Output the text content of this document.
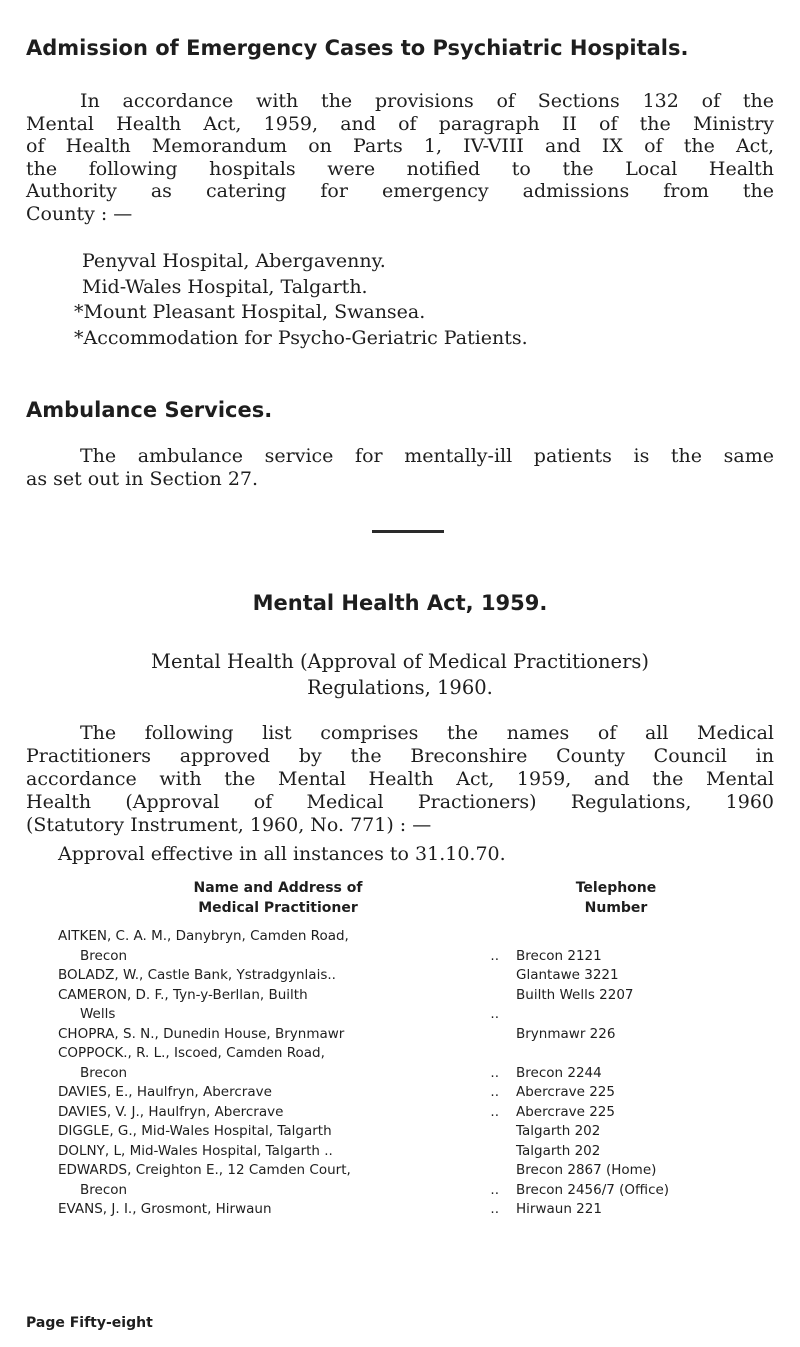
Admission of Emergency Cases to Psychiatric Hospitals.
In accordance with the provisions of Sections 132 of the
Mental Health Act, 1959, and of paragraph II of the Ministry
of Health Memorandum on Parts 1, IV-VIII and IX of the Act,
the following hospitals were notified to the Local Health
Authority as catering for emergency admissions from the
County : —

Penyval Hospital, Abergavenny.

Mid-Wales Hospital, Talgarth.

*Mount Pleasant Hospital, Swansea.

*Accommodation for Psycho-Geriatric Patients.

Ambulance Services.
The ambulance service for mentally-ill patients is the same
as set out in Section 27.
Mental Health Act, 1959.

Mental Health (Approval of Medical Practitioners)

Regulations, 1960.

The following list comprises the names of all Medical
Practitioners approved by the Breconshire County Council in
accordance with the Mental Health Act, 1959, and the Mental
Health (Approval of Medical Practioners) Regulations, 1960
(Statutory Instrument, 1960, No. 771) : —

Approval effective in all instances to 31.10.70.

Name and Address of
Medical Practitioner
Telephone
Number
AITKEN, C. A. M., Danybryn, Camden Road,
Brecon	.. Brecon 2121
BOLADZ, W., Castle Bank, Ystradgynlais..	Glantawe 3221
CAMERON, D. F., Tyn-y-Berllan, Builth	Builth Wells 2207
Wells	..
CHOPRA, S. N., Dunedin House, Brynmawr	Brynmawr 226
COPPOCK., R. L., Iscoed, Camden Road,
Brecon	.. Brecon 2244
DAVIES, E., Haulfryn, Abercrave	.. Abercrave 225
DAVIES, V. J., Haulfryn, Abercrave	.. Abercrave 225
DIGGLE, G., Mid-Wales Hospital, Talgarth	Talgarth 202
DOLNY, L, Mid-Wales Hospital, Talgarth ..	Talgarth 202
EDWARDS, Creighton E., 12 Camden Court,	Brecon 2867 (Home)
Brecon	.. Brecon 2456/7 (Office)
EVANS, J. I., Grosmont, Hirwaun	.. Hirwaun 221

Page Fifty-eight
